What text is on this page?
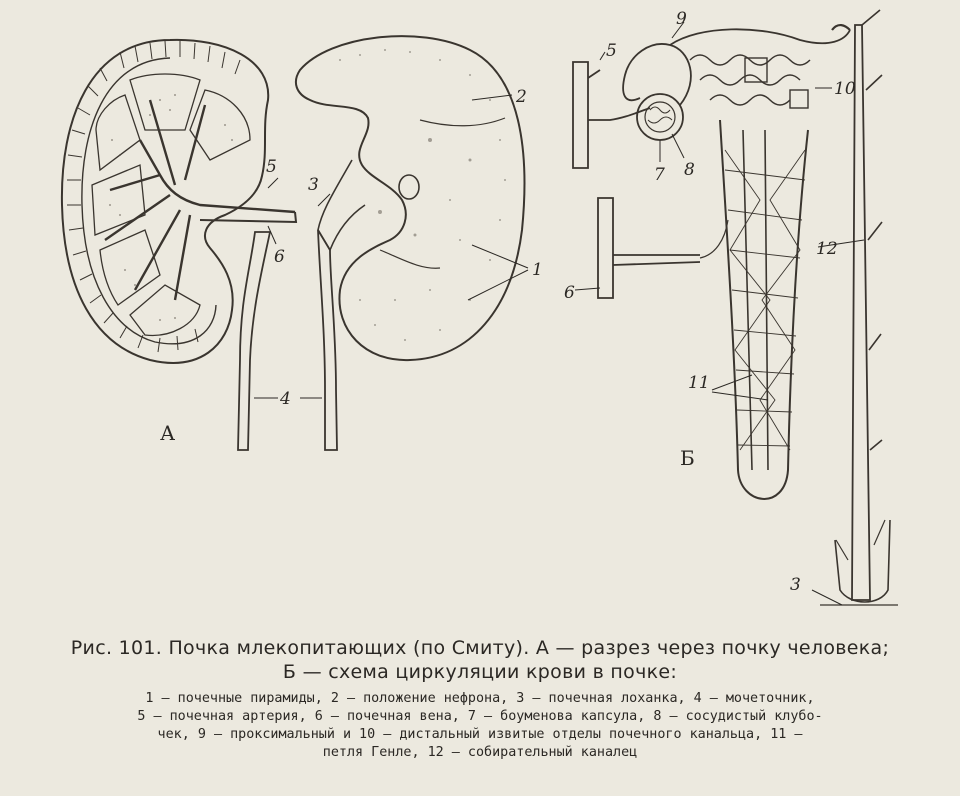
1
2
3
4
5
6
5
6
7 8
9
10
11
12
3
А
Б
Рис. 101. Почка млекопитающих (по Смиту). А — разрез через почку человека;
Б — схема циркуляции крови в почке:
1 — почечные пирамиды, 2 — положение нефрона, 3 — почечная лоханка, 4 — мочеточник,
5 — почечная артерия, 6 — почечная вена, 7 — боуменова капсула, 8 — сосудистый клубо-
чек, 9 — проксимальный и 10 — дистальный извитые отделы почечного канальца, 11 —
петля Генле, 12 — собирательный каналец
